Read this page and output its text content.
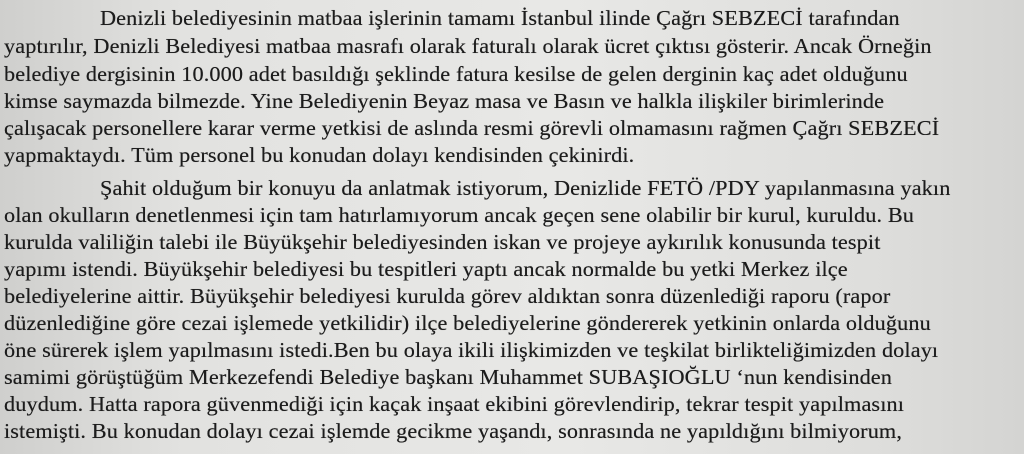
Denizli belediyesinin matbaa işlerinin tamamı İstanbul ilinde Çağrı SEBZECİ tarafından
yaptırılır, Denizli Belediyesi matbaa masrafı olarak faturalı olarak ücret çıktısı gösterir. Ancak Örneğin
belediye dergisinin 10.000 adet basıldığı şeklinde fatura kesilse de gelen derginin kaç adet olduğunu
kimse saymazda bilmezde. Yine Belediyenin Beyaz masa ve Basın ve halkla ilişkiler birimlerinde
çalışacak personellere karar verme yetkisi de aslında resmi görevli olmamasını rağmen Çağrı SEBZECİ
yapmaktaydı. Tüm personel bu konudan dolayı kendisinden çekinirdi.
Şahit olduğum bir konuyu da anlatmak istiyorum, Denizlide FETÖ /PDY yapılanmasına yakın
olan okulların denetlenmesi için tam hatırlamıyorum ancak geçen sene olabilir bir kurul, kuruldu. Bu
kurulda valiliğin talebi ile Büyükşehir belediyesinden iskan ve projeye aykırılık konusunda tespit
yapımı istendi. Büyükşehir belediyesi bu tespitleri yaptı ancak normalde bu yetki Merkez ilçe
belediyelerine aittir. Büyükşehir belediyesi kurulda görev aldıktan sonra düzenlediği raporu (rapor
düzenlediğine göre cezai işlemede yetkilidir) ilçe belediyelerine göndererek yetkinin onlarda olduğunu
öne sürerek işlem yapılmasını istedi.Ben bu olaya ikili ilişkimizden ve teşkilat birlikteliğimizden dolayı
samimi görüştüğüm Merkezefendi Belediye başkanı Muhammet SUBAŞIOĞLU ‘nun kendisinden
duydum. Hatta rapora güvenmediği için kaçak inşaat ekibini görevlendirip, tekrar tespit yapılmasını
istemişti. Bu konudan dolayı cezai işlemde gecikme yaşandı, sonrasında ne yapıldığını bilmiyorum,
